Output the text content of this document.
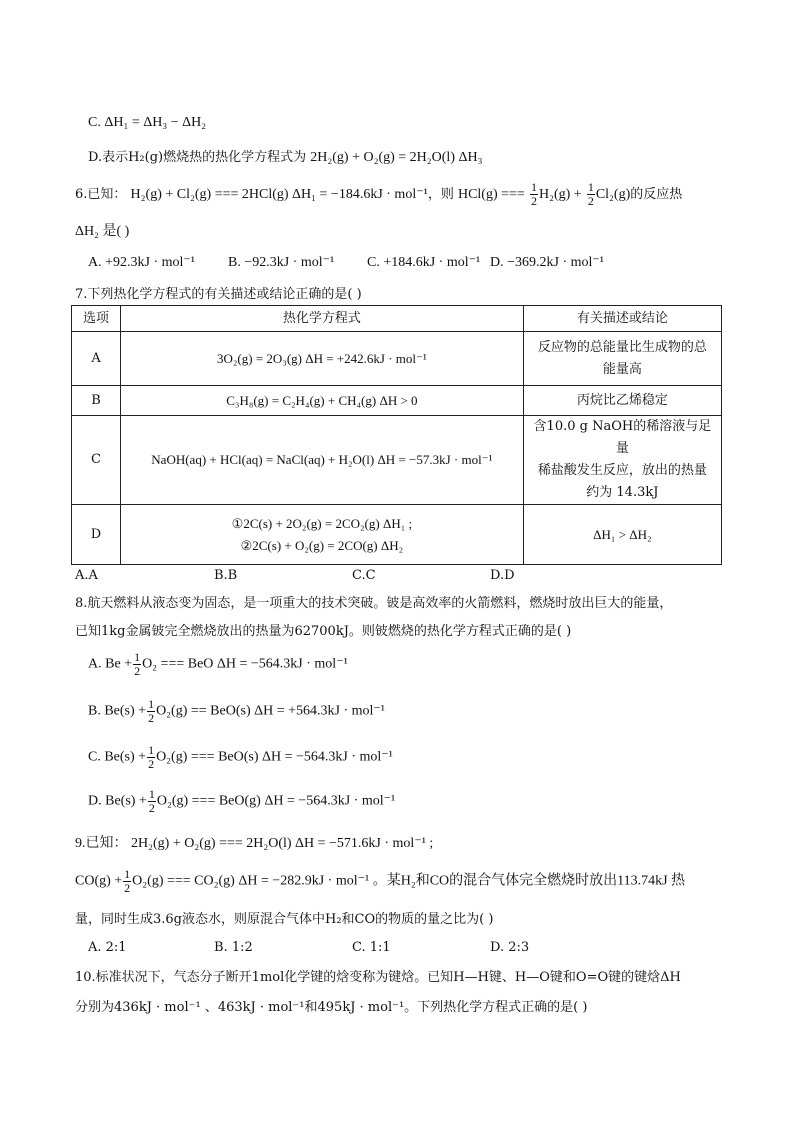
C. ΔH₁ = ΔH₃ − ΔH₂
D.表示H₂(g)燃烧热的热化学方程式为 2H₂(g) + O₂(g) = 2H₂O(l) ΔH₃
6.已知： H₂(g) + Cl₂(g) === 2HCl(g) ΔH₁ = −184.6kJ · mol⁻¹，则 HCl(g) === $\frac{1}{2} H_2(g) + \frac{1}{2} Cl_2(g)$的反应热
ΔH₂ 是( )
A. +92.3kJ · mol⁻¹ B. −92.3kJ · mol⁻¹ C. +184.6kJ · mol⁻¹ D. −369.2kJ · mol⁻¹
7.下列热化学方程式的有关描述或结论正确的是( )
选项	热化学方程式	有关描述或结论
A	3O₂(g) = 2O₃(g) ΔH = +242.6kJ · mol⁻¹	反应物的总能量比生成物的总
能量高

B	C₃H₈(g) = C₂H₄(g) + CH₄(g) ΔH > 0	丙烷比乙烯稳定
C	NaOH(aq) + HCl(aq) = NaCl(aq) + H₂O(l) ΔH = −57.3kJ · mol⁻¹	含10.0 g NaOH的稀溶液与足量
稀盐酸发生反应，放出的热量
约为 14.3kJ

D	①2C(s) + 2O₂(g) = 2CO₂(g) ΔH₁ ;
②2C(s) + O₂(g) = 2CO(g) ΔH₂	ΔH₁ > ΔH₂
A.A	B.B	C.C	D.D
8.航天燃料从液态变为固态，是一项重大的技术突破。铍是高效率的火箭燃料，燃烧时放出巨大的能量，
已知1kg金属铍完全燃烧放出的热量为62700kJ。则铍燃烧的热化学方程式正确的是( )
A. $Be + \frac{1}{2} O_2$ === BeO ΔH = −564.3kJ · mol⁻¹
B. $Be(s) + \frac{1}{2} O_2(g) == BeO(s) \Delta H = +564.3kJ \cdot mol^{-1}$
C. $Be(s) + \frac{1}{2} O_2(g)$ === BeO(s) ΔH = −564.3kJ · mol⁻¹
D. $Be(s) + \frac{1}{2} O_2(g)$ === BeO(g) ΔH = −564.3kJ · mol⁻¹
9.已知： 2H₂(g) + O₂(g) === 2H₂O(l) ΔH = −571.6kJ · mol⁻¹ ;
$CO(g) + \frac{1}{2} O_2(g)$ === CO₂(g) ΔH = −282.9kJ · mol⁻¹ 。某H₂和CO的混合气体完全燃烧时放出113.74kJ 热
量，同时生成3.6g液态水，则原混合气体中H₂和CO的物质的量之比为( )
A. 2:1	B. 1:2	C. 1:1	D. 2:3
10.标准状况下，气态分子断开1mol化学键的焓变称为键焓。已知H—H键、H—O键和O=O键的键焓ΔH
分别为436kJ · mol⁻¹ 、463kJ · mol⁻¹和495kJ · mol⁻¹。下列热化学方程式正确的是( )
